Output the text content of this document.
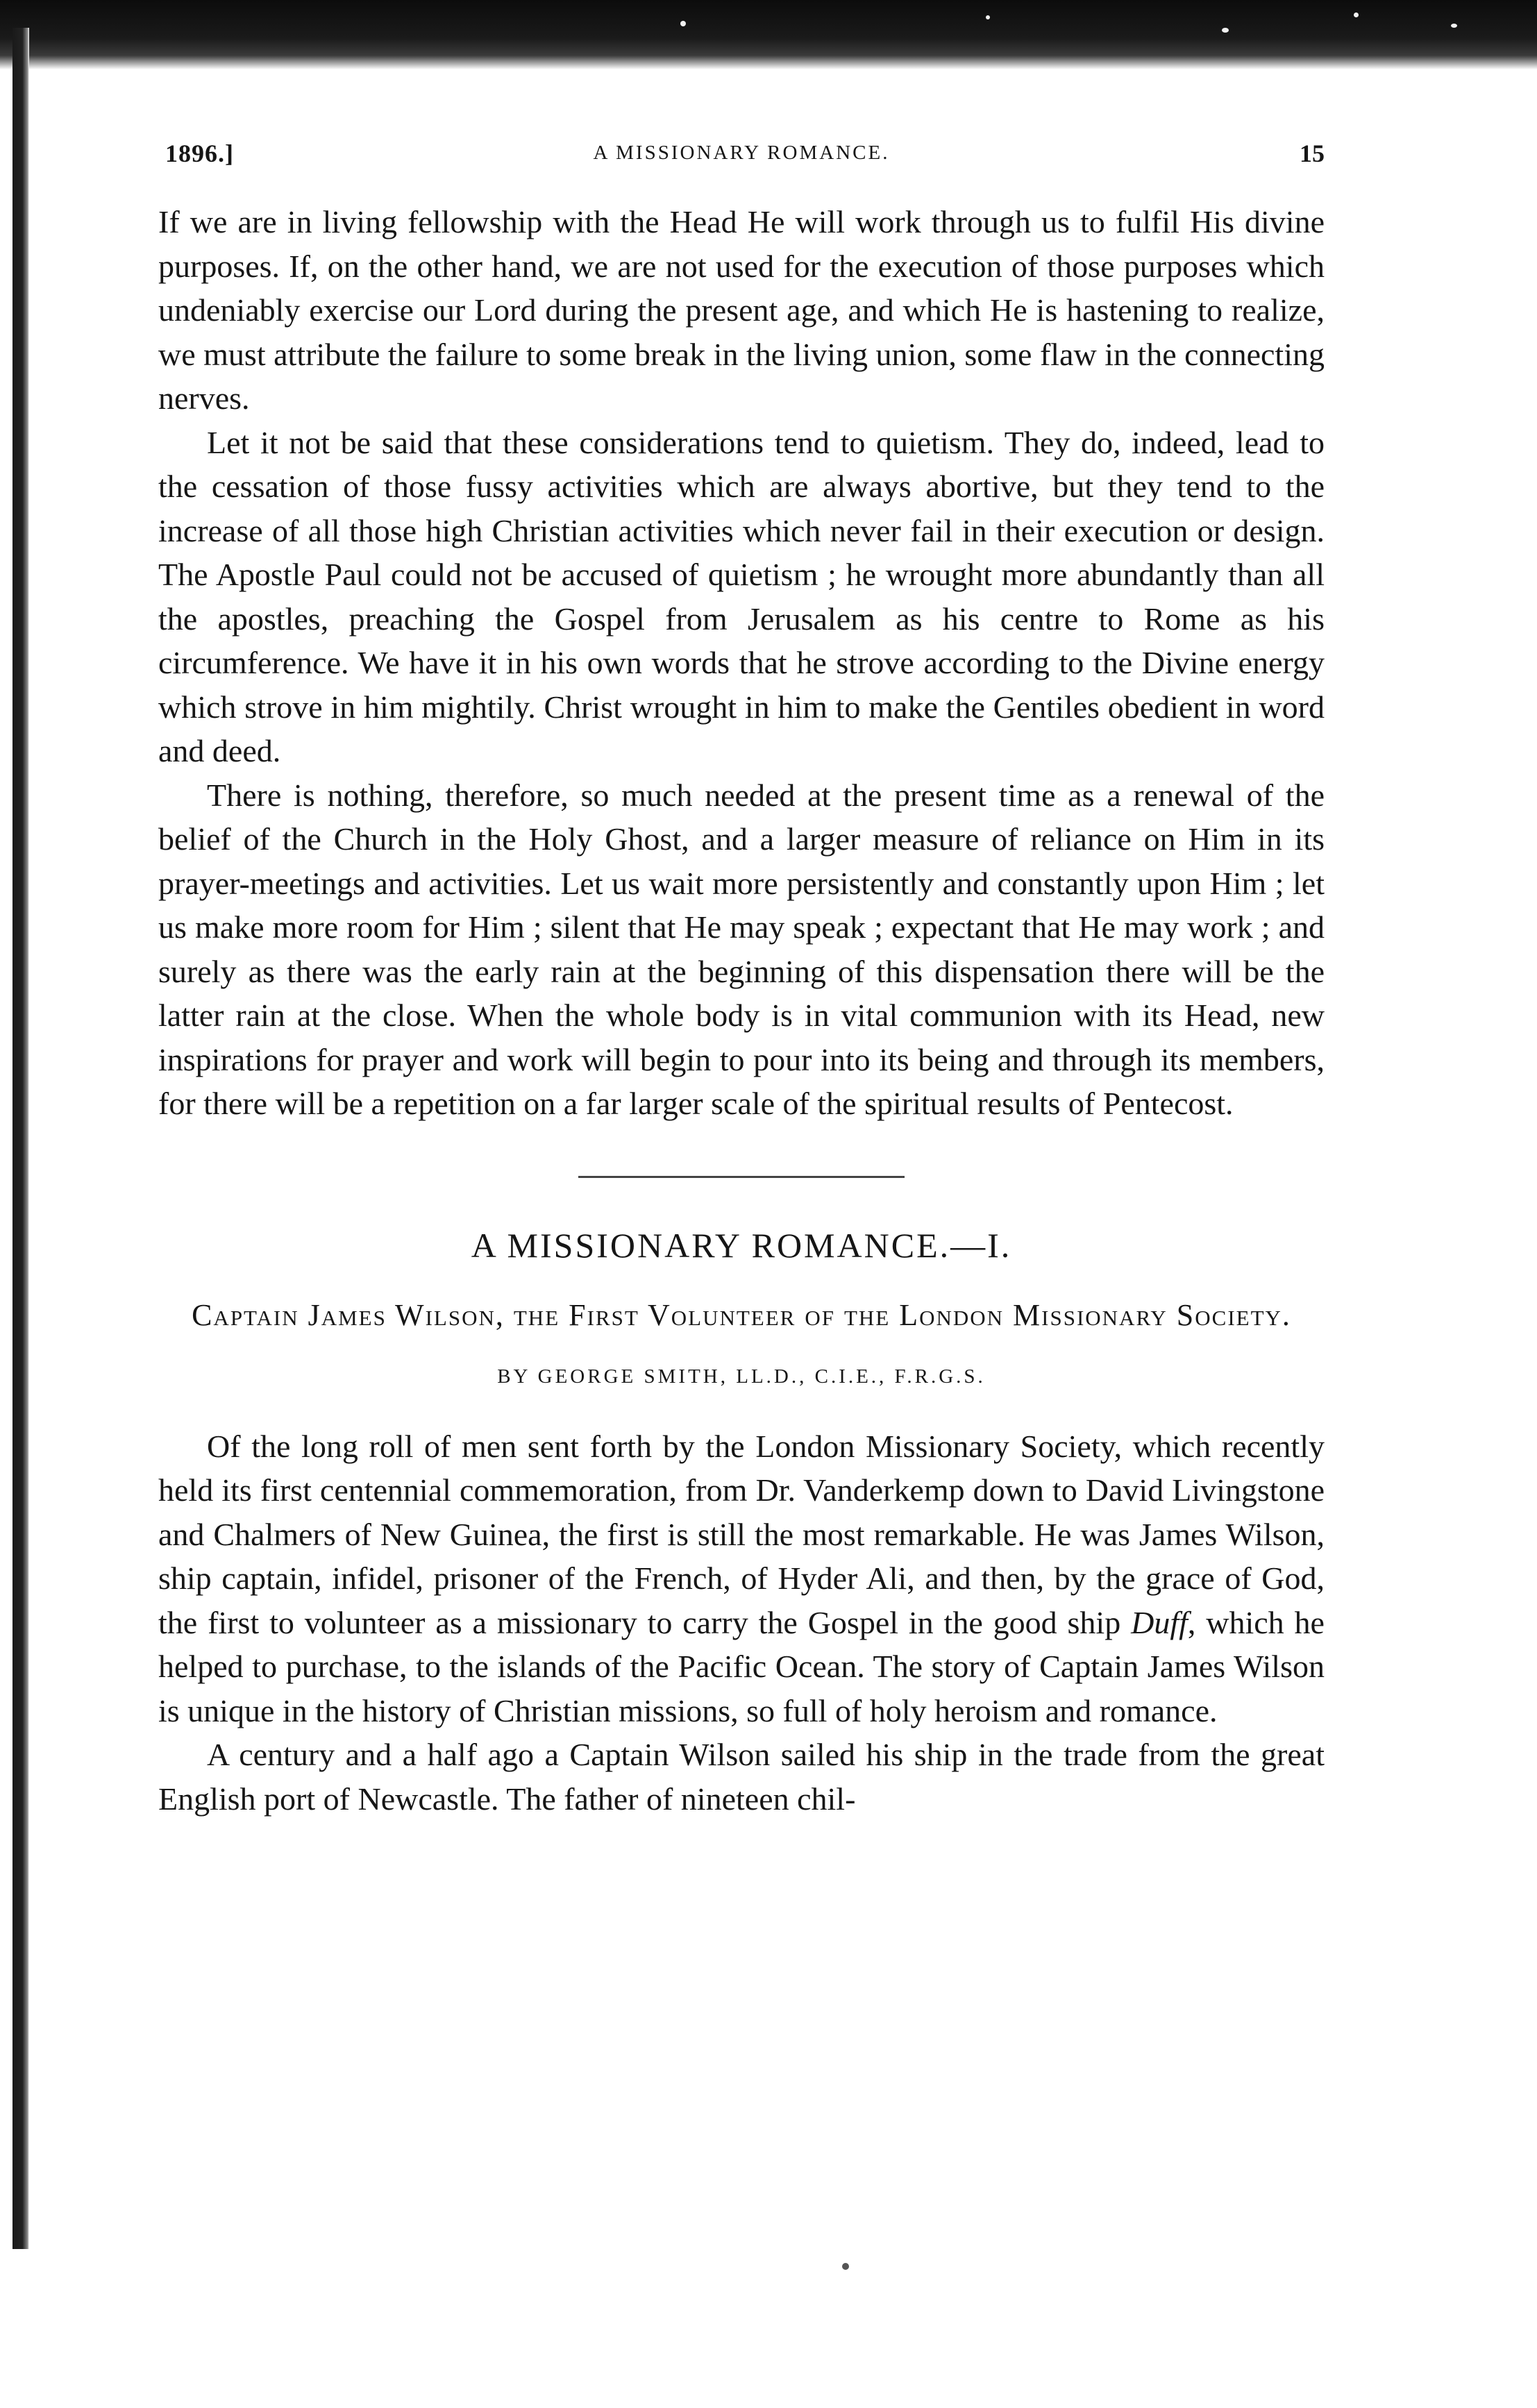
1896.]	A MISSIONARY ROMANCE.	15

If we are in living fellowship with the Head He will work through us to fulfil His divine purposes. If, on the other hand, we are not used for the execution of those purposes which undeniably exercise our Lord during the present age, and which He is hastening to realize, we must attribute the failure to some break in the living union, some flaw in the connecting nerves.

Let it not be said that these considerations tend to quietism. They do, indeed, lead to the cessation of those fussy activities which are always abortive, but they tend to the increase of all those high Christian activities which never fail in their execution or design. The Apostle Paul could not be accused of quietism ; he wrought more abundantly than all the apostles, preaching the Gospel from Jerusalem as his centre to Rome as his circumference. We have it in his own words that he strove according to the Divine energy which strove in him mightily. Christ wrought in him to make the Gentiles obedient in word and deed.

There is nothing, therefore, so much needed at the present time as a renewal of the belief of the Church in the Holy Ghost, and a larger measure of reliance on Him in its prayer-meetings and activities. Let us wait more persistently and constantly upon Him ; let us make more room for Him ; silent that He may speak ; expectant that He may work ; and surely as there was the early rain at the beginning of this dispensation there will be the latter rain at the close. When the whole body is in vital communion with its Head, new inspirations for prayer and work will begin to pour into its being and through its members, for there will be a repetition on a far larger scale of the spiritual results of Pentecost.

A MISSIONARY ROMANCE.—I.
Captain James Wilson, the First Volunteer of the London Missionary Society.
BY GEORGE SMITH, LL.D., C.I.E., F.R.G.S.

Of the long roll of men sent forth by the London Missionary Society, which recently held its first centennial commemoration, from Dr. Vanderkemp down to David Livingstone and Chalmers of New Guinea, the first is still the most remarkable. He was James Wilson, ship captain, infidel, prisoner of the French, of Hyder Ali, and then, by the grace of God, the first to volunteer as a missionary to carry the Gospel in the good ship Duff, which he helped to purchase, to the islands of the Pacific Ocean. The story of Captain James Wilson is unique in the history of Christian missions, so full of holy heroism and romance.

A century and a half ago a Captain Wilson sailed his ship in the trade from the great English port of Newcastle. The father of nineteen chil-
